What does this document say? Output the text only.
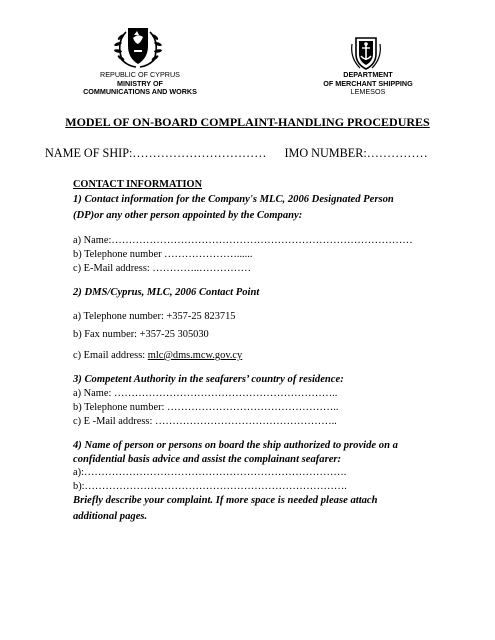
REPUBLIC OF CYPRUS
MINISTRY OF
COMMUNICATIONS AND WORKS
DEPARTMENT
OF MERCHANT SHIPPING
LEMESOS
MODEL OF ON-BOARD COMPLAINT-HANDLING PROCEDURES
NAME OF SHIP:…………………………… IMO NUMBER:……………
CONTACT INFORMATION
1) Contact information for the Company's MLC, 2006 Designated Person
(DP)or any other person appointed by the Company:
a) Name:……………………………………………………………………………
b) Telephone number …………………......
c) E-Mail address: …………..……………
2) DMS/Cyprus, MLC, 2006 Contact Point
a) Telephone number: +357-25 823715
b) Fax number: +357-25 305030
c) Email address: mlc@dms.mcw.gov.cy
3) Competent Authority in the seafarers’ country of residence:
a) Name: ………………………………………………………..
b) Telephone number: …………………………………………..
c) E -Mail address: ……………………………………………..
4) Name of person or persons on board the ship authorized to provide on a
confidential basis advice and assist the complainant seafarer:
a):………………………………………………………………….
b):………………………………………………………………….
Briefly describe your complaint. If more space is needed please attach
additional pages.
